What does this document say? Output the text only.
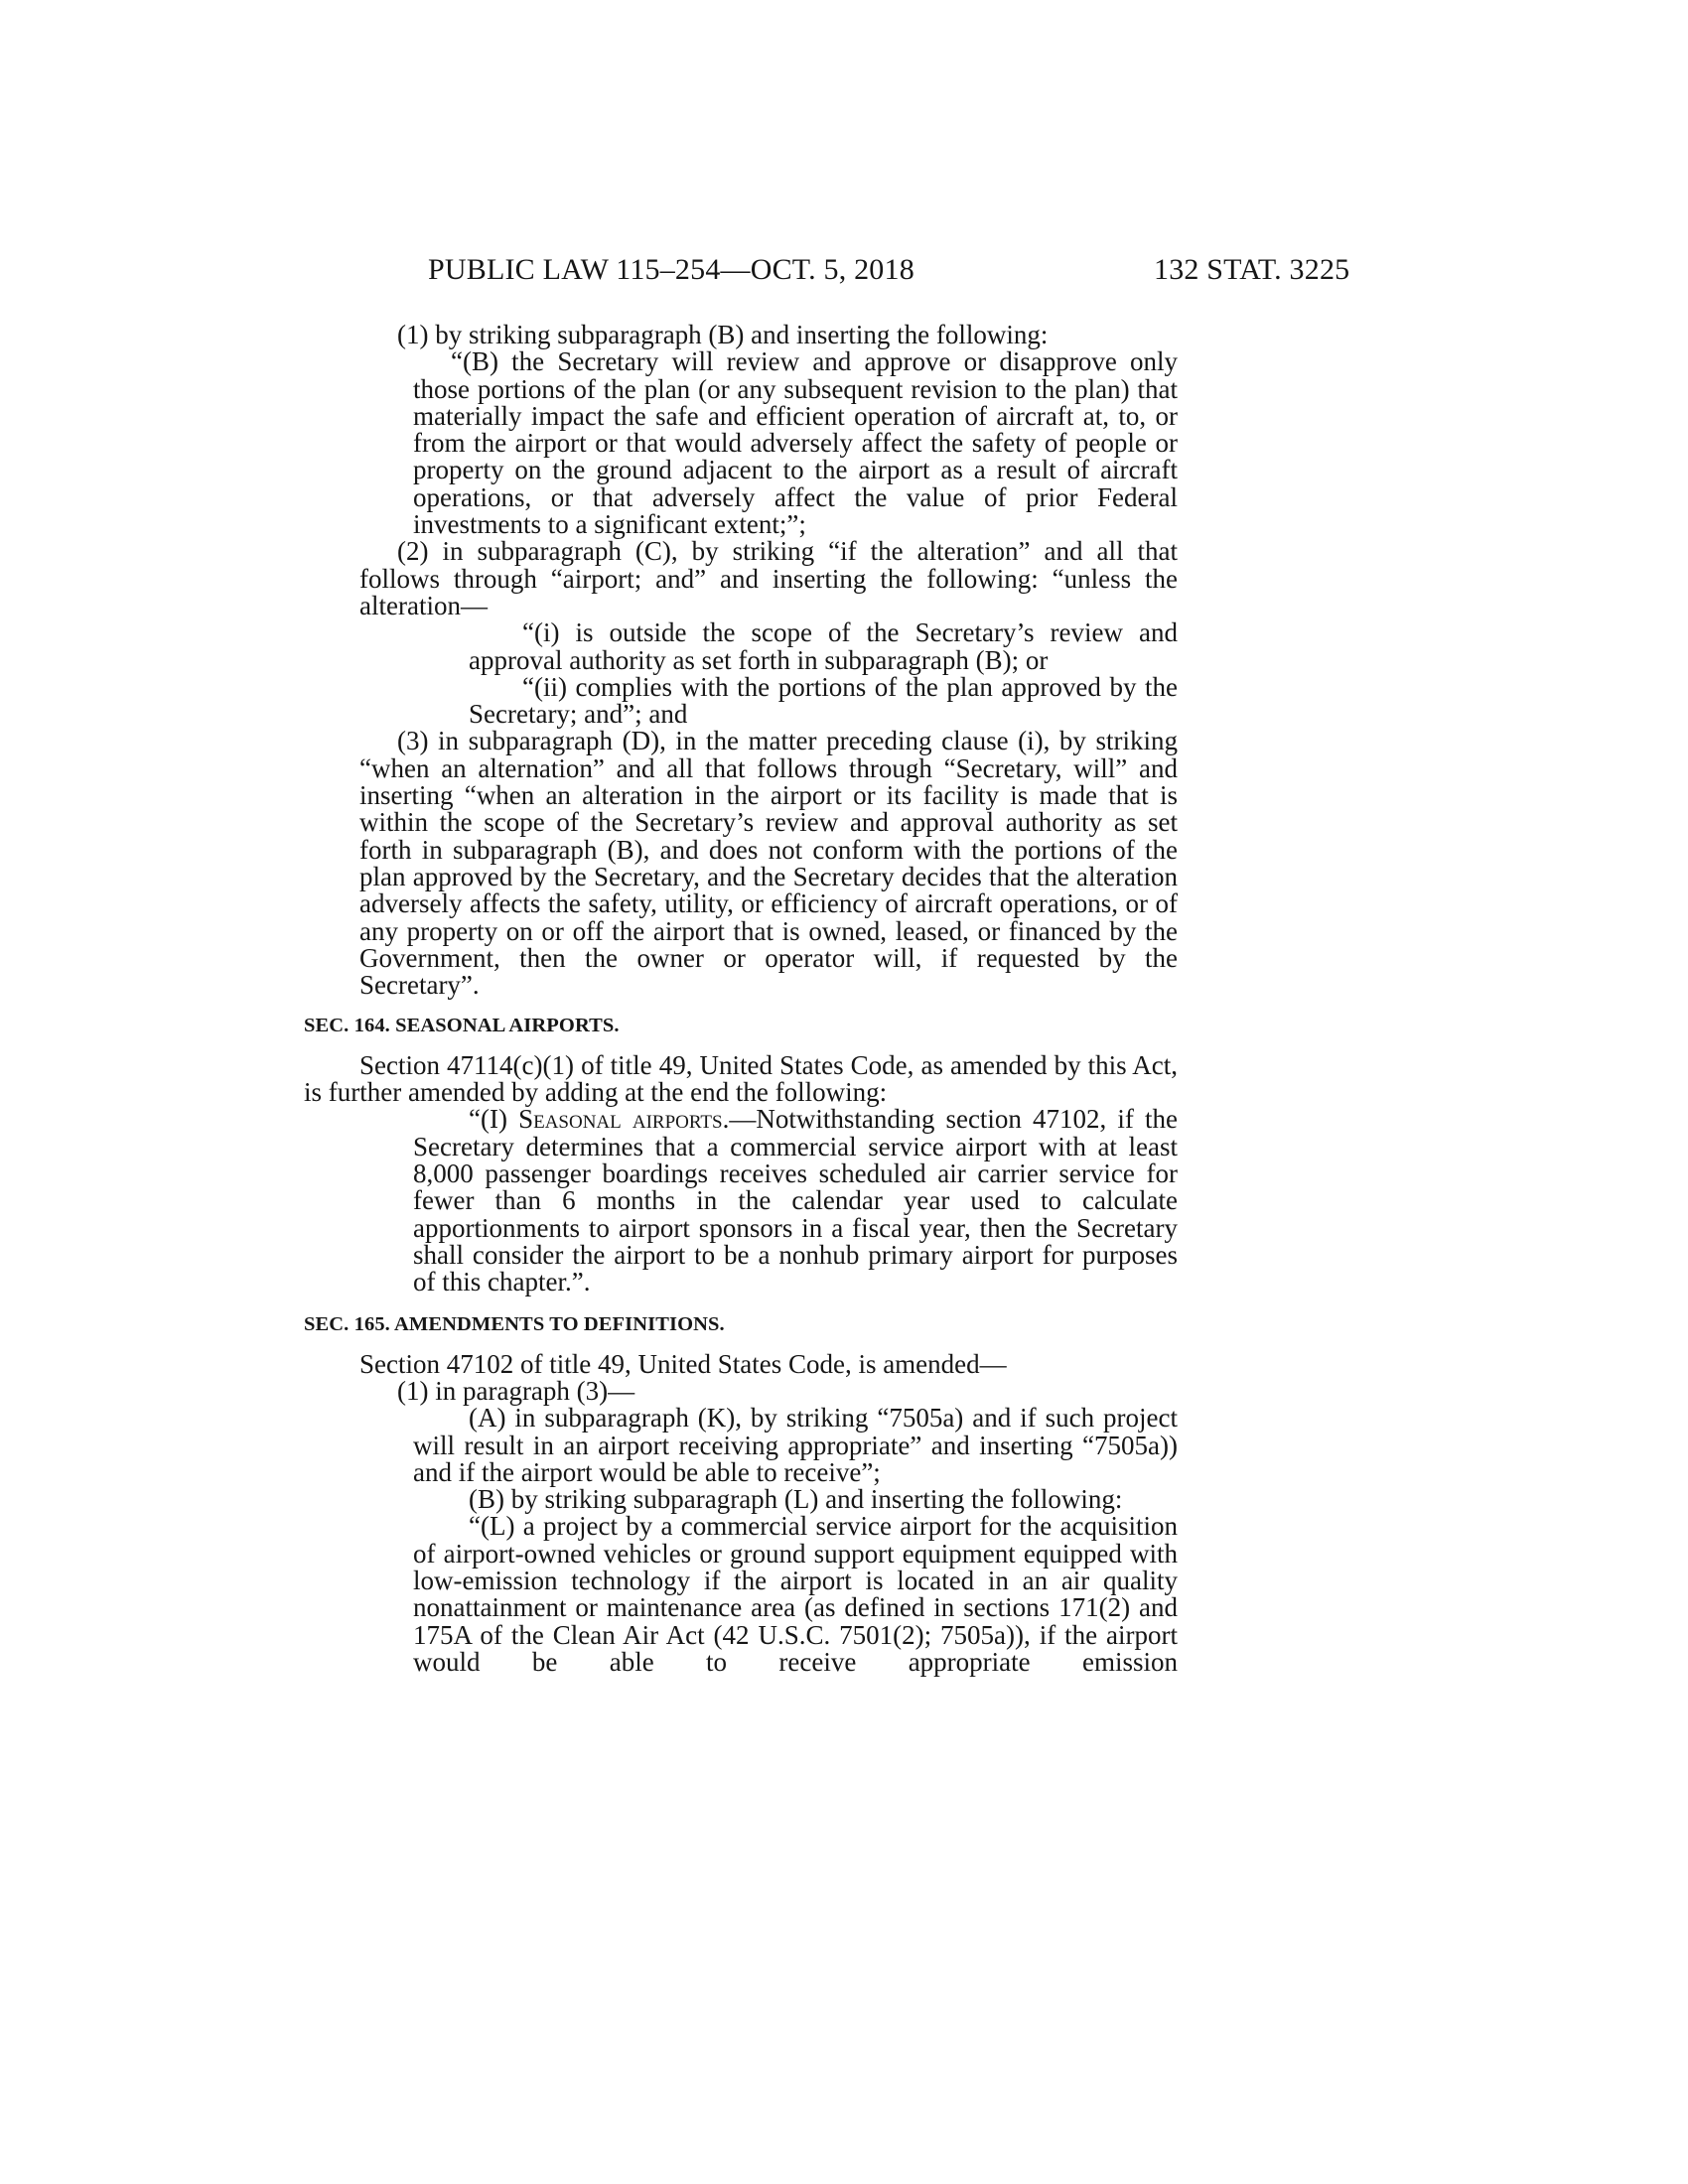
PUBLIC LAW 115–254—OCT. 5, 2018	132 STAT. 3225

(1) by striking subparagraph (B) and inserting the following:

“(B) the Secretary will review and approve or disapprove only those portions of the plan (or any subsequent revision to the plan) that materially impact the safe and efficient operation of aircraft at, to, or from the airport or that would adversely affect the safety of people or property on the ground adjacent to the airport as a result of aircraft operations, or that adversely affect the value of prior Federal investments to a significant extent;”;

(2) in subparagraph (C), by striking “if the alteration” and all that follows through “airport; and” and inserting the following: “unless the alteration—

“(i) is outside the scope of the Secretary’s review and approval authority as set forth in subparagraph (B); or

“(ii) complies with the portions of the plan approved by the Secretary; and”; and

(3) in subparagraph (D), in the matter preceding clause (i), by striking “when an alternation” and all that follows through “Secretary, will” and inserting “when an alteration in the airport or its facility is made that is within the scope of the Secretary’s review and approval authority as set forth in subparagraph (B), and does not conform with the portions of the plan approved by the Secretary, and the Secretary decides that the alteration adversely affects the safety, utility, or efficiency of aircraft operations, or of any property on or off the airport that is owned, leased, or financed by the Government, then the owner or operator will, if requested by the Secretary”.

SEC. 164. SEASONAL AIRPORTS.

Section 47114(c)(1) of title 49, United States Code, as amended by this Act, is further amended by adding at the end the following:

“(I) Seasonal airports.—Notwithstanding section 47102, if the Secretary determines that a commercial service airport with at least 8,000 passenger boardings receives scheduled air carrier service for fewer than 6 months in the calendar year used to calculate apportionments to airport sponsors in a fiscal year, then the Secretary shall consider the airport to be a nonhub primary airport for purposes of this chapter.”.

SEC. 165. AMENDMENTS TO DEFINITIONS.

Section 47102 of title 49, United States Code, is amended—

(1) in paragraph (3)—

(A) in subparagraph (K), by striking “7505a) and if such project will result in an airport receiving appropriate” and inserting “7505a)) and if the airport would be able to receive”;

(B) by striking subparagraph (L) and inserting the following:

“(L) a project by a commercial service airport for the acquisition of airport-owned vehicles or ground support equipment equipped with low-emission technology if the airport is located in an air quality nonattainment or maintenance area (as defined in sections 171(2) and 175A of the Clean Air Act (42 U.S.C. 7501(2); 7505a)), if the airport would be able to receive appropriate emission
